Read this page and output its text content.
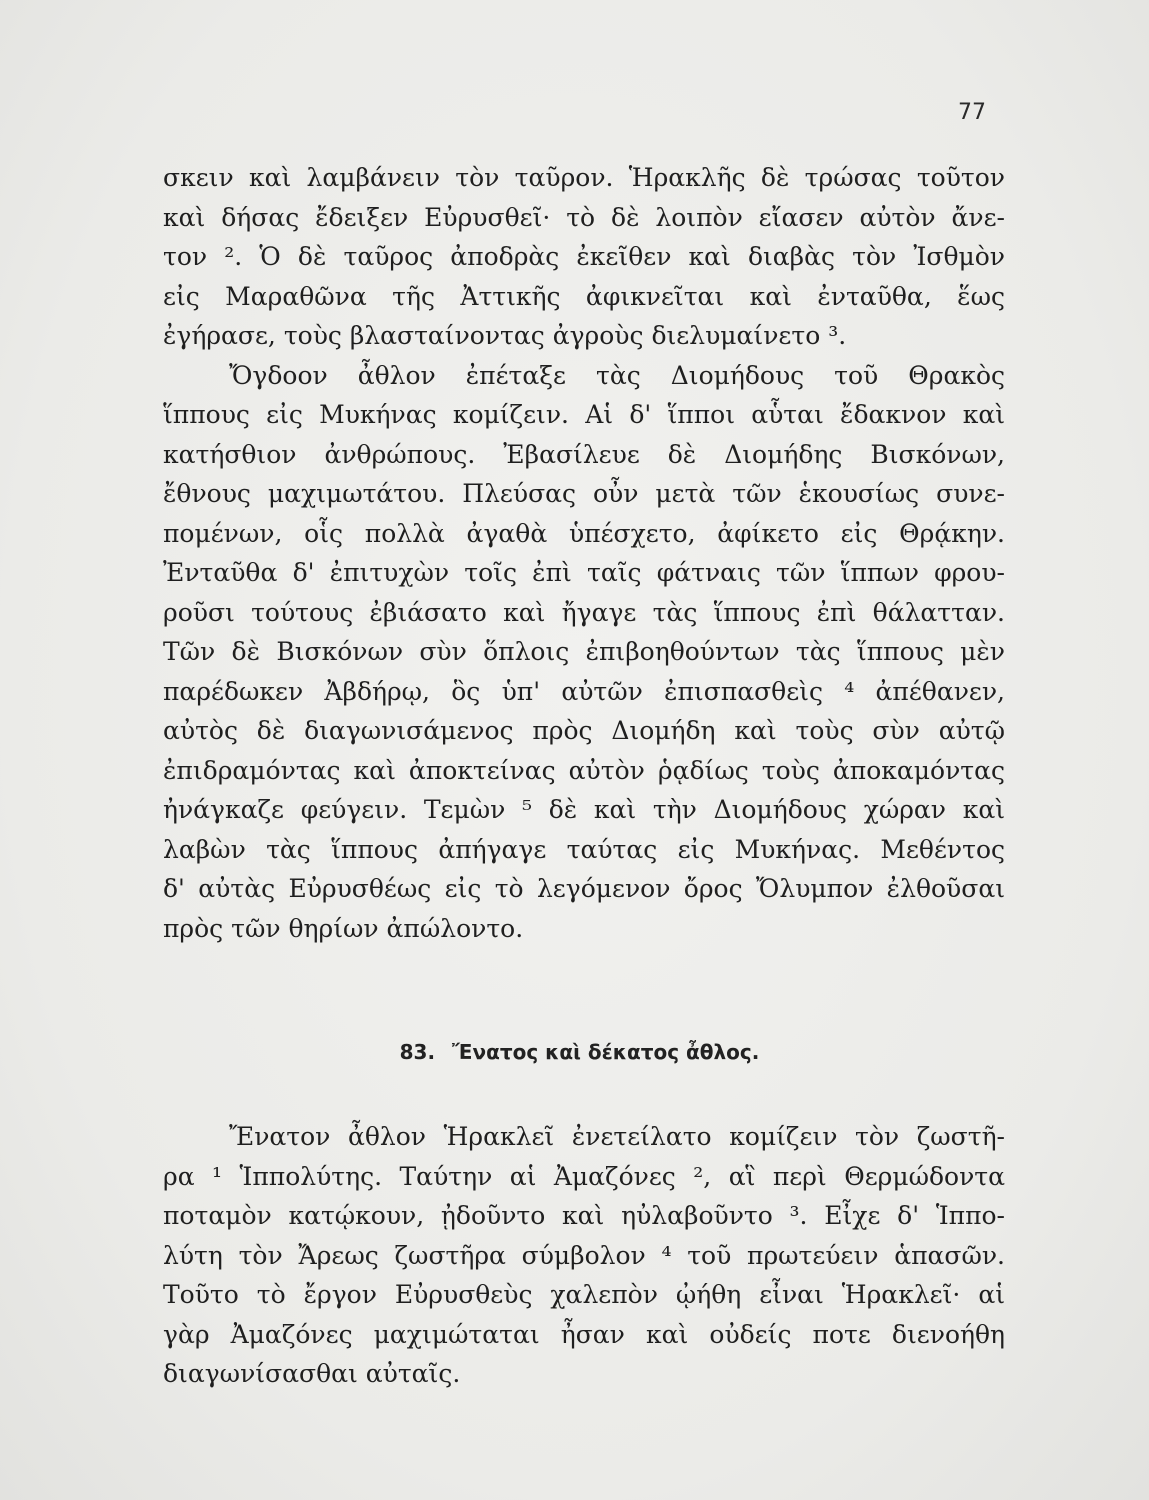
77
σκειν καὶ λαμβάνειν τὸν ταῦρον. Ἡρακλῆς δὲ τρώσας τοῦτον
καὶ δήσας ἔδειξεν Εὐρυσθεῖ· τὸ δὲ λοιπὸν εἴασεν αὐτὸν ἄνε-
τον ². Ὁ δὲ ταῦρος ἀποδρὰς ἐκεῖθεν καὶ διαβὰς τὸν Ἰσθμὸν
εἰς Μαραθῶνα τῆς Ἀττικῆς ἀφικνεῖται καὶ ἐνταῦθα, ἕως
ἐγήρασε, τοὺς βλασταίνοντας ἀγροὺς διελυμαίνετο ³.
Ὄγδοον ἆθλον ἐπέταξε τὰς Διομήδους τοῦ Θρακὸς
ἵππους εἰς Μυκήνας κομίζειν. Αἱ δ' ἵπποι αὗται ἔδακνον καὶ
κατήσθιον ἀνθρώπους. Ἐβασίλευε δὲ Διομήδης Βισκόνων,
ἔθνους μαχιμωτάτου. Πλεύσας οὖν μετὰ τῶν ἑκουσίως συνε-
πομένων, οἷς πολλὰ ἀγαθὰ ὑπέσχετο, ἀφίκετο εἰς Θρᾴκην.
Ἐνταῦθα δ' ἐπιτυχὼν τοῖς ἐπὶ ταῖς φάτναις τῶν ἵππων φρου-
ροῦσι τούτους ἐβιάσατο καὶ ἤγαγε τὰς ἵππους ἐπὶ θάλατταν.
Τῶν δὲ Βισκόνων σὺν ὅπλοις ἐπιβοηθούντων τὰς ἵππους μὲν
παρέδωκεν Ἀβδήρῳ, ὃς ὑπ' αὐτῶν ἐπισπασθεὶς ⁴ ἀπέθανεν,
αὐτὸς δὲ διαγωνισάμενος πρὸς Διομήδη καὶ τοὺς σὺν αὐτῷ
ἐπιδραμόντας καὶ ἀποκτείνας αὐτὸν ῥᾳδίως τοὺς ἀποκαμόντας
ἠνάγκαζε φεύγειν. Τεμὼν ⁵ δὲ καὶ τὴν Διομήδους χώραν καὶ
λαβὼν τὰς ἵππους ἀπήγαγε ταύτας εἰς Μυκήνας. Μεθέντος
δ' αὐτὰς Εὐρυσθέως εἰς τὸ λεγόμενον ὄρος Ὄλυμπον ἐλθοῦσαι
πρὸς τῶν θηρίων ἀπώλοντο.
83. Ἔνατος καὶ δέκατος ἆθλος.
Ἔνατον ἆθλον Ἡρακλεῖ ἐνετείλατο κομίζειν τὸν ζωστῆ-
ρα ¹ Ἱππολύτης. Ταύτην αἱ Ἀμαζόνες ², αἳ περὶ Θερμώδοντα
ποταμὸν κατῴκουν, ᾐδοῦντο καὶ ηὐλαβοῦντο ³. Εἶχε δ' Ἱππο-
λύτη τὸν Ἄρεως ζωστῆρα σύμβολον ⁴ τοῦ πρωτεύειν ἁπασῶν.
Τοῦτο τὸ ἔργον Εὐρυσθεὺς χαλεπὸν ᾠήθη εἶναι Ἡρακλεῖ· αἱ
γὰρ Ἀμαζόνες μαχιμώταται ἦσαν καὶ οὐδείς ποτε διενοήθη
διαγωνίσασθαι αὐταῖς.
